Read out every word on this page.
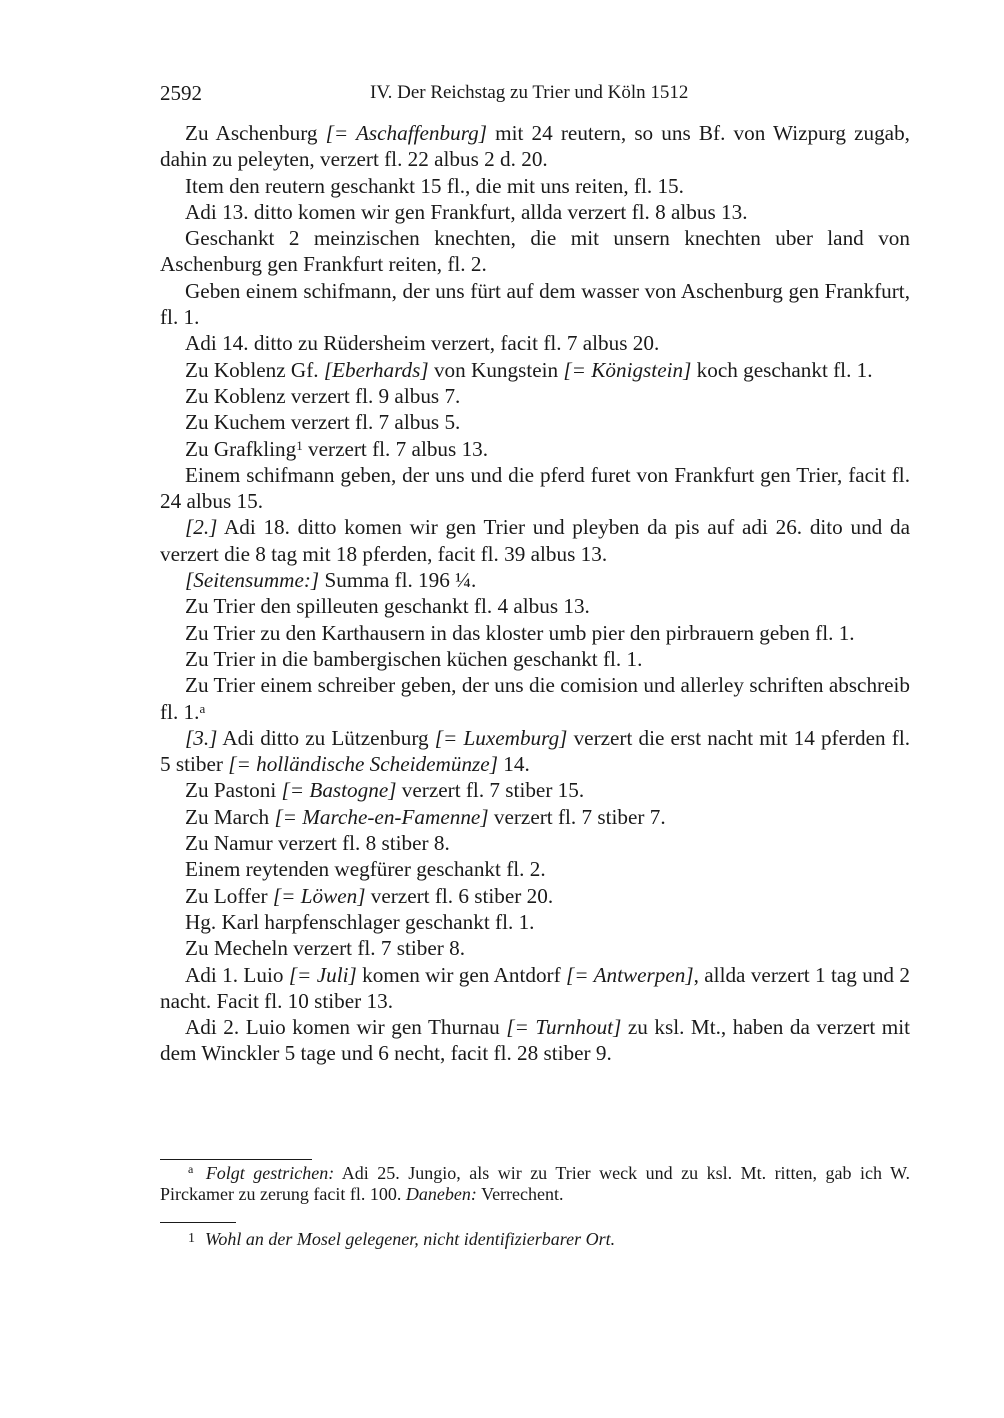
2592	IV. Der Reichstag zu Trier und Köln 1512

Zu Aschenburg [= Aschaffenburg] mit 24 reutern, so uns Bf. von Wizpurg zugab, dahin zu peleyten, verzert fl. 22 albus 2 d. 20.

Item den reutern geschankt 15 fl., die mit uns reiten, fl. 15.

Adi 13. ditto komen wir gen Frankfurt, allda verzert fl. 8 albus 13.

Geschankt 2 meinzischen knechten, die mit unsern knechten uber land von Aschenburg gen Frankfurt reiten, fl. 2.

Geben einem schifmann, der uns fürt auf dem wasser von Aschenburg gen Frankfurt, fl. 1.

Adi 14. ditto zu Rüdersheim verzert, facit fl. 7 albus 20.

Zu Koblenz Gf. [Eberhards] von Kungstein [= Königstein] koch geschankt fl. 1.

Zu Koblenz verzert fl. 9 albus 7.

Zu Kuchem verzert fl. 7 albus 5.

Zu Grafkling$^1$ verzert fl. 7 albus 13.

Einem schifmann geben, der uns und die pferd furet von Frankfurt gen Trier, facit fl. 24 albus 15.

[2.] Adi 18. ditto komen wir gen Trier und pleyben da pis auf adi 26. dito und da verzert die 8 tag mit 18 pferden, facit fl. 39 albus 13.

[Seitensumme:] Summa fl. 196 ¼.

Zu Trier den spilleuten geschankt fl. 4 albus 13.

Zu Trier zu den Karthausern in das kloster umb pier den pirbrauern geben fl. 1.

Zu Trier in die bambergischen küchen geschankt fl. 1.

Zu Trier einem schreiber geben, der uns die comision und allerley schriften abschreib fl. 1.$^a$

[3.] Adi ditto zu Lützenburg [= Luxemburg] verzert die erst nacht mit 14 pferden fl. 5 stiber [= holländische Scheidemünze] 14.

Zu Pastoni [= Bastogne] verzert fl. 7 stiber 15.

Zu March [= Marche-en-Famenne] verzert fl. 7 stiber 7.

Zu Namur verzert fl. 8 stiber 8.

Einem reytenden wegfürer geschankt fl. 2.

Zu Loffer [= Löwen] verzert fl. 6 stiber 20.

Hg. Karl harpfenschlager geschankt fl. 1.

Zu Mecheln verzert fl. 7 stiber 8.

Adi 1. Luio [= Juli] komen wir gen Antdorf [= Antwerpen], allda verzert 1 tag und 2 nacht. Facit fl. 10 stiber 13.

Adi 2. Luio komen wir gen Thurnau [= Turnhout] zu ksl. Mt., haben da verzert mit dem Winckler 5 tage und 6 necht, facit fl. 28 stiber 9.

$^a$ Folgt gestrichen: Adi 25. Jungio, als wir zu Trier weck und zu ksl. Mt. ritten, gab ich W. Pirckamer zu zerung facit fl. 100. Daneben: Verrechent.

1 Wohl an der Mosel gelegener, nicht identifizierbarer Ort.
